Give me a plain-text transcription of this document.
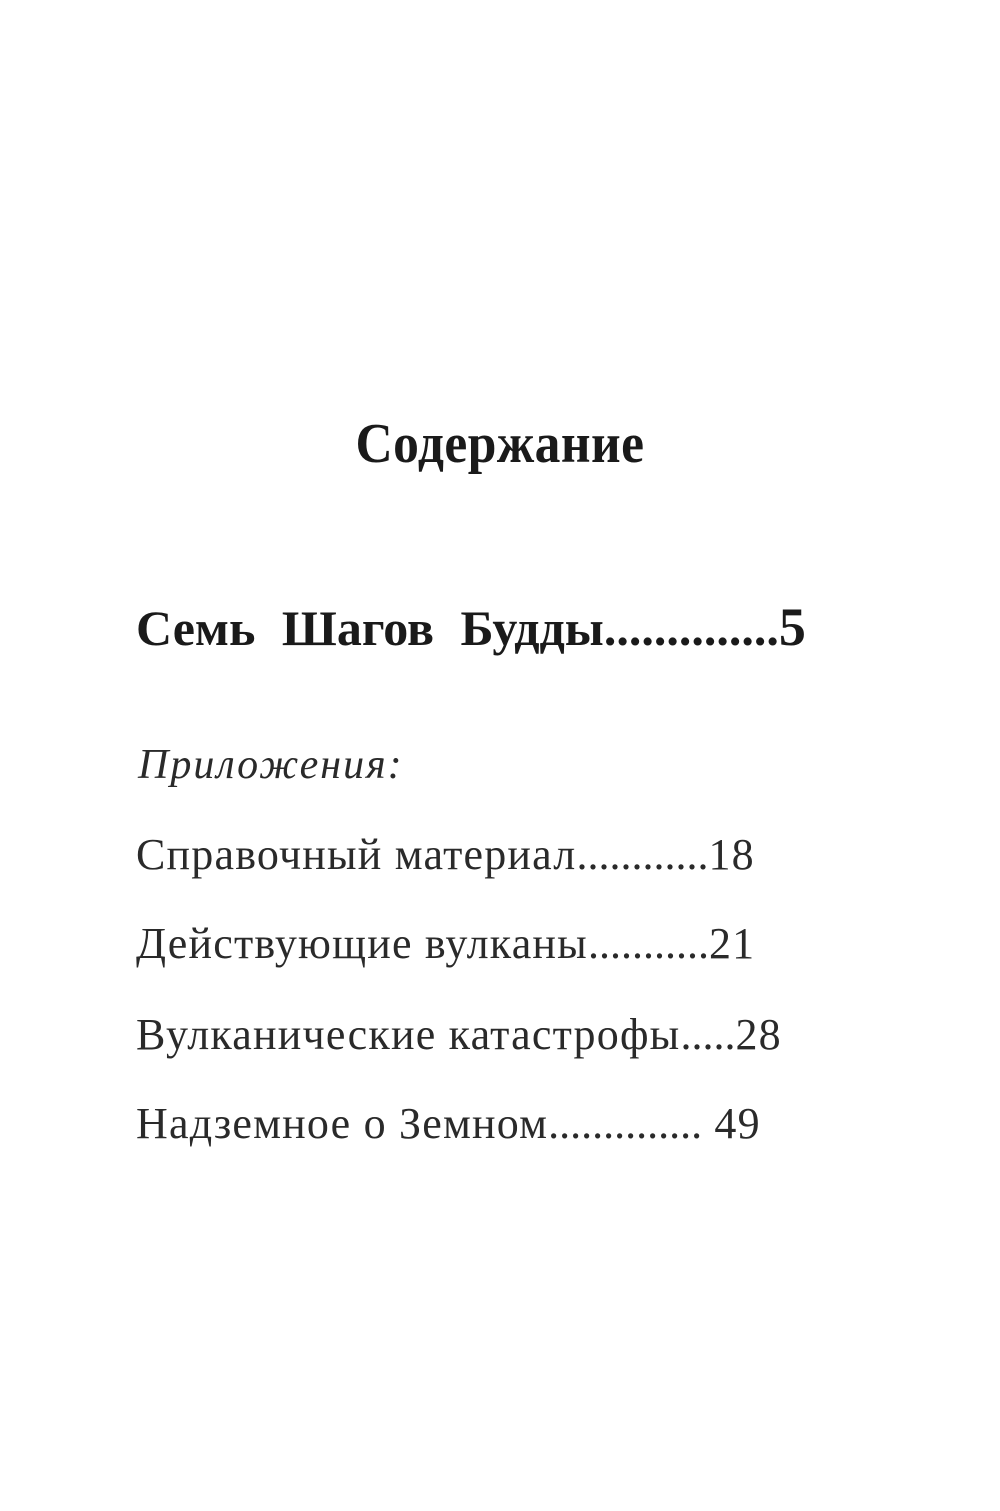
Содержание
Семь Шагов Будды..............5
Приложения:
Справочный материал............18
Действующие вулканы...........21
Вулканические катастрофы.....28
Надземное о Земном.............. 49
